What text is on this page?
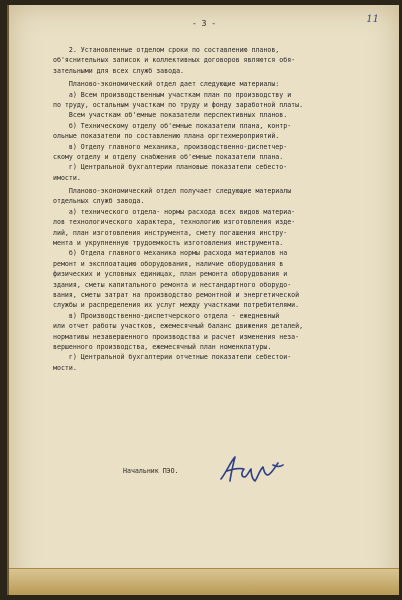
- 3 -	11
2. Установленные отделом сроки по составлению планов,
об'яснительных записок и коллективных договоров являются обя-
зательными для всех служб завода.
Планово-экономический отдел дает следующие материалы:
а) Всем производственным участкам план по производству и
по труду, остальным участкам по труду и фонду заработной платы.
Всем участкам об'емные показатели перспективных планов.
б) Техническому отделу об'емные показатели плана, контр-
ольные показатели по составлению плана оргтехмероприятий.
в) Отделу главного механика, производственно-диспетчер-
скому отделу и отделу снабжения об'емные показатели плана.
г) Центральной бухгалтерии плановые показатели себесто-
имости.
Планово-экономический отдел получает следующие материалы
отдельных служб завода.
а) технического отдела- нормы расхода всех видов материа-
лов технологического характера, технологию изготовления изде-
лий, план изготовления инструмента, смету погашения инстру-
мента и укрупненную трудоемкость изготовления инструмента.
б) Отдела главного механика нормы расхода материалов на
ремонт и эксплоатацию оборудования, наличие оборудования в
физических и условных единицах, план ремонта оборудования и
здания, сметы капитального ремонта и нестандартного оборудо-
вания, сметы затрат на производство ремонтной и энергетической
службы и распределения их услуг между участками потребителями.
в) Производственно-диспетчерского отдела - ежедневный
или отчет работы участков, ежемесячный баланс движения деталей,
нормативы незавершенного производства и расчет изменения неза-
вершенного производства, ежемесячный план номенклатуры.
г) Центральной бухгалтерии отчетные показатели себестои-
мости.
Начальник ПЭО.
